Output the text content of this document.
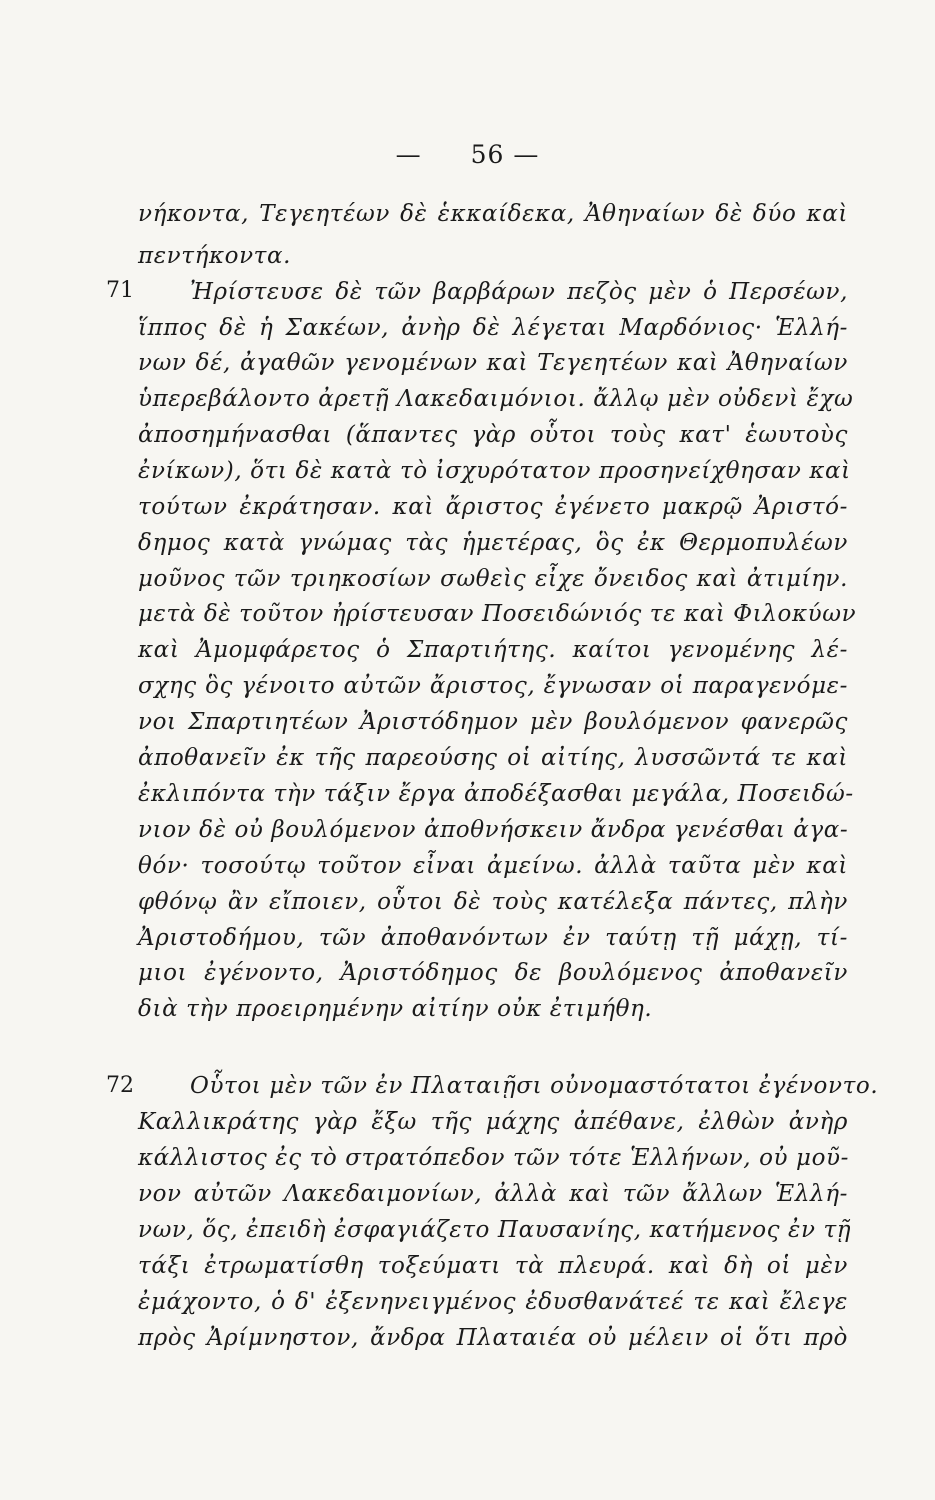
— 56 —
71
72
νήκοντα, Τεγεητέων δὲ ἑκκαίδεκα, Ἀθηναίων δὲ δύο καὶ
πεντήκοντα.
Ἠρίστευσε δὲ τῶν βαρβάρων πεζὸς μὲν ὁ Περσέων,
ἵππος δὲ ἡ Σακέων, ἀνὴρ δὲ λέγεται Μαρδόνιος· Ἑλλή-
νων δέ, ἀγαθῶν γενομένων καὶ Τεγεητέων καὶ Ἀθηναίων
ὑπερεβάλοντο ἀρετῇ Λακεδαιμόνιοι. ἄλλῳ μὲν οὐδενὶ ἔχω
ἀποσημήνασθαι (ἅπαντες γὰρ οὗτοι τοὺς κατ' ἑωυτοὺς
ἐνίκων), ὅτι δὲ κατὰ τὸ ἰσχυρότατον προσηνείχθησαν καὶ
τούτων ἐκράτησαν. καὶ ἄριστος ἐγένετο μακρῷ Ἀριστό-
δημος κατὰ γνώμας τὰς ἡμετέρας, ὃς ἐκ Θερμοπυλέων
μοῦνος τῶν τριηκοσίων σωθεὶς εἶχε ὄνειδος καὶ ἀτιμίην.
μετὰ δὲ τοῦτον ἠρίστευσαν Ποσειδώνιός τε καὶ Φιλοκύων
καὶ Ἀμομφάρετος ὁ Σπαρτιήτης. καίτοι γενομένης λέ-
σχης ὃς γένοιτο αὐτῶν ἄριστος, ἔγνωσαν οἱ παραγενόμε-
νοι Σπαρτιητέων Ἀριστόδημον μὲν βουλόμενον φανερῶς
ἀποθανεῖν ἐκ τῆς παρεούσης οἱ αἰτίης, λυσσῶντά τε καὶ
ἐκλιπόντα τὴν τάξιν ἔργα ἀποδέξασθαι μεγάλα, Ποσειδώ-
νιον δὲ οὐ βουλόμενον ἀποθνήσκειν ἄνδρα γενέσθαι ἀγα-
θόν· τοσούτῳ τοῦτον εἶναι ἀμείνω. ἀλλὰ ταῦτα μὲν καὶ
φθόνῳ ἂν εἴποιεν, οὗτοι δὲ τοὺς κατέλεξα πάντες, πλὴν
Ἀριστοδήμου, τῶν ἀποθανόντων ἐν ταύτῃ τῇ μάχῃ, τί-
μιοι ἐγένοντο, Ἀριστόδημος δε βουλόμενος ἀποθανεῖν
διὰ τὴν προειρημένην αἰτίην οὐκ ἐτιμήθη.
Οὗτοι μὲν τῶν ἐν Πλαταιῇσι οὐνομαστότατοι ἐγένοντο.
Καλλικράτης γὰρ ἔξω τῆς μάχης ἀπέθανε, ἐλθὼν ἀνὴρ
κάλλιστος ἐς τὸ στρατόπεδον τῶν τότε Ἑλλήνων, οὐ μοῦ-
νον αὐτῶν Λακεδαιμονίων, ἀλλὰ καὶ τῶν ἄλλων Ἑλλή-
νων, ὅς, ἐπειδὴ ἐσφαγιάζετο Παυσανίης, κατήμενος ἐν τῇ
τάξι ἐτρωματίσθη τοξεύματι τὰ πλευρά. καὶ δὴ οἱ μὲν
ἐμάχοντο, ὁ δ' ἐξενηνειγμένος ἐδυσθανάτεέ τε καὶ ἔλεγε
πρὸς Ἀρίμνηστον, ἄνδρα Πλαταιέα οὐ μέλειν οἱ ὅτι πρὸ
